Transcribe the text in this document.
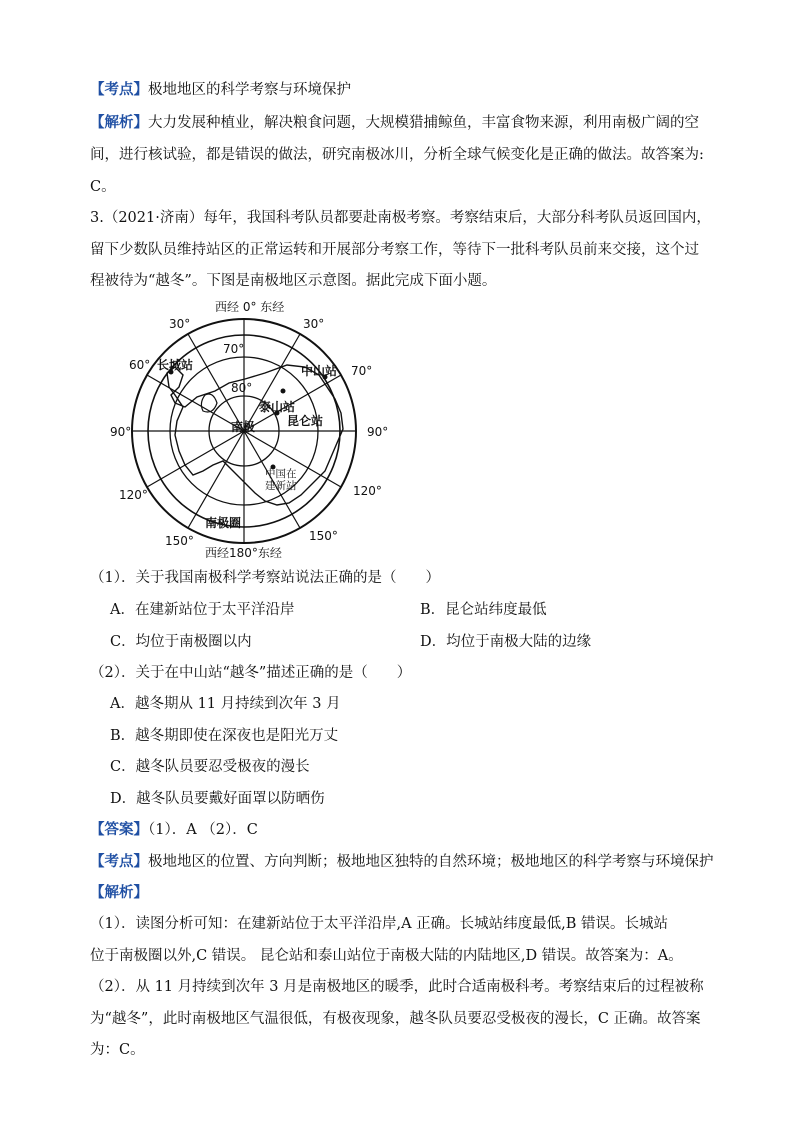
【考点】极地地区的科学考察与环境保护
【解析】大力发展种植业，解决粮食问题，大规模猎捕鲸鱼，丰富食物来源，利用南极广阔的空
间，进行核试验，都是错误的做法，研究南极冰川，分析全球气候变化是正确的做法。故答案为:
C。
3.（2021·济南）每年，我国科考队员都要赴南极考察。考察结束后，大部分科考队员返回国内，
留下少数队员维持站区的正常运转和开展部分考察工作，等待下一批科考队员前来交接，这个过
程被待为“越冬”。下图是南极地区示意图。据此完成下面小题。
西经 0° 东经
西经180°东经
30°	30°
60°	70°
90°	90°
120°	120°
150°	150°
70°
80°
长城站	中山站
泰山站
昆仑站
南极
中国在
建新站
南极圈
（1）．关于我国南极科学考察站说法正确的是（　　）
A．在建新站位于太平洋沿岸	B．昆仑站纬度最低
C．均位于南极圈以内	D．均位于南极大陆的边缘
（2）．关于在中山站“越冬”描述正确的是（　　）
A．越冬期从 11 月持续到次年 3 月
B．越冬期即使在深夜也是阳光万丈
C．越冬队员要忍受极夜的漫长
D．越冬队员要戴好面罩以防晒伤
【答案】（1）．A （2）．C
【考点】极地地区的位置、方向判断；极地地区独特的自然环境；极地地区的科学考察与环境保护
【解析】
（1）．读图分析可知：在建新站位于太平洋沿岸,A 正确。长城站纬度最低,B 错误。长城站
位于南极圈以外,C 错误。 昆仑站和泰山站位于南极大陆的内陆地区,D 错误。故答案为：A。
（2）．从 11 月持续到次年 3 月是南极地区的暖季，此时合适南极科考。考察结束后的过程被称
为“越冬”，此时南极地区气温很低，有极夜现象，越冬队员要忍受极夜的漫长，C 正确。故答案
为：C。
